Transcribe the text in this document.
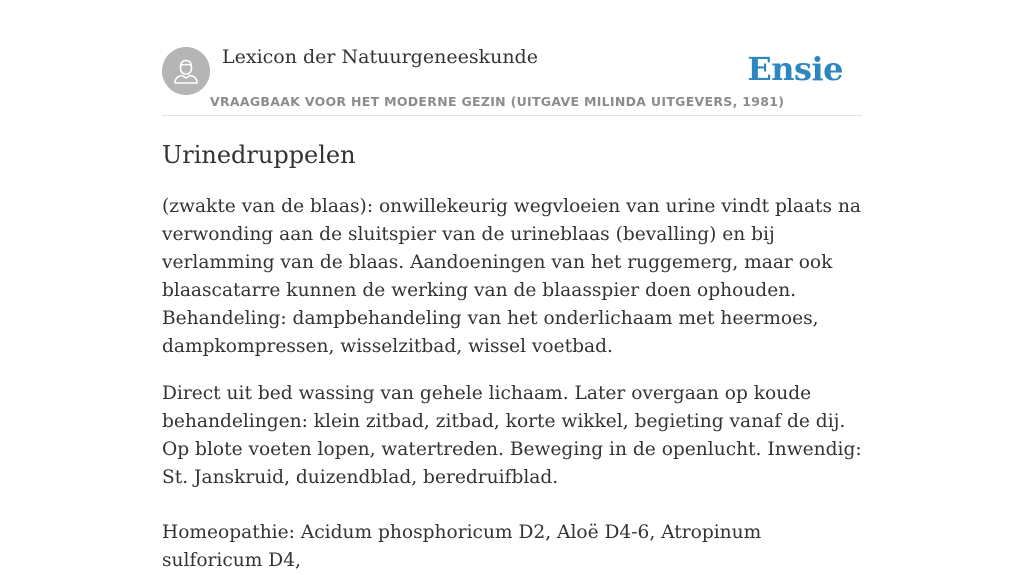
Lexicon der Natuurgeneeskunde
VRAAGBAAK VOOR HET MODERNE GEZIN (UITGAVE MILINDA UITGEVERS, 1981)
Ensie
Urinedruppelen

(zwakte van de blaas): onwillekeurig wegvloeien van urine vindt plaats na verwonding aan de sluitspier van de urineblaas (bevalling) en bij verlamming van de blaas. Aandoeningen van het ruggemerg, maar ook blaascatarre kunnen de werking van de blaasspier doen ophouden. Behandeling: dampbehandeling van het onderlichaam met heermoes, dampkompressen, wisselzitbad, wissel voetbad.

Direct uit bed wassing van gehele lichaam. Later overgaan op koude behandelingen: klein zitbad, zitbad, korte wikkel, begieting vanaf de dij. Op blote voeten lopen, watertreden. Beweging in de openlucht. Inwendig: St. Janskruid, duizendblad, beredruifblad.

Homeopathie: Acidum phosphoricum D2, Aloë D4-6, Atropinum sulforicum D4,
